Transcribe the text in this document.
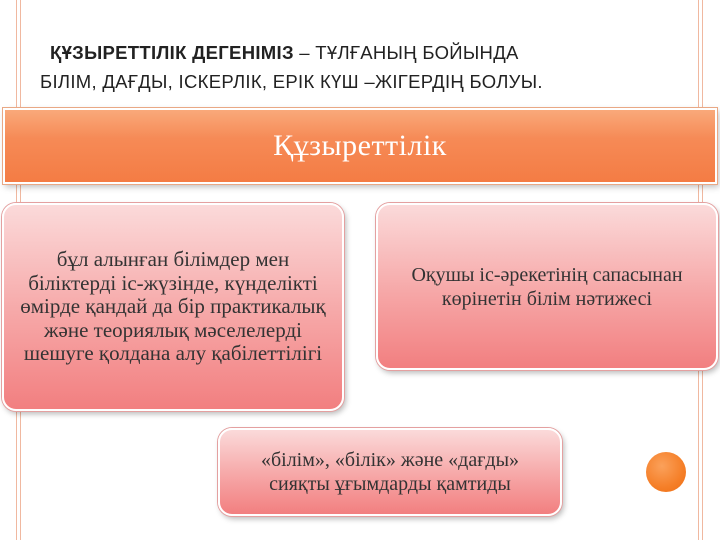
ҚҰЗЫРЕТТІЛІК ДЕГЕНІМІЗ – ТҰЛҒАНЫҢ БОЙЫНДА
БІЛІМ, ДАҒДЫ, ІСКЕРЛІК, ЕРІК КҮШ –ЖІГЕРДІҢ БОЛУЫ.
Құзыреттілік
бұл алынған білімдер мен біліктерді іс-жүзінде, күнделікті өмірде қандай да бір практикалық және теориялық мәселелерді шешуге қолдана алу қабілеттілігі
Оқушы іс-әрекетінің сапасынан көрінетін білім нәтижесі
«білім», «білік» және «дағды» сияқты ұғымдарды қамтиды
